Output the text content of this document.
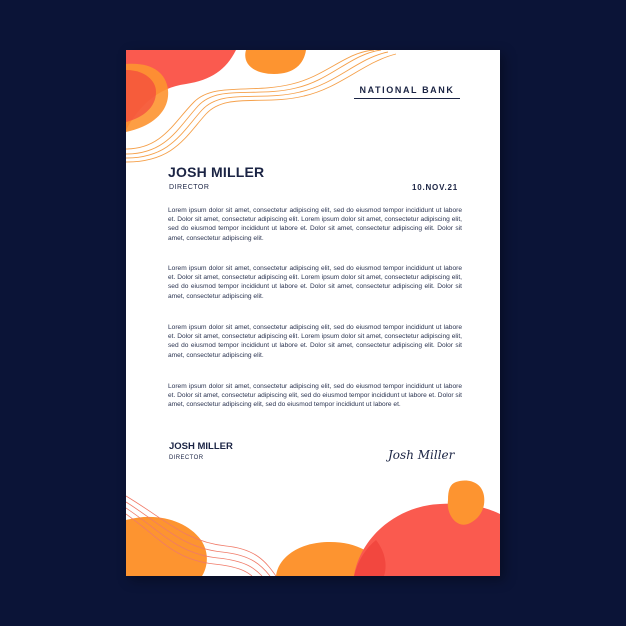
NATIONAL BANK
JOSH MILLER
DIRECTOR	10.NOV.21
Lorem ipsum dolor sit amet, consectetur adipiscing elit, sed do eiusmod tempor incididunt ut labore et. Dolor sit amet, consectetur adipiscing elit. Lorem ipsum dolor sit amet, consectetur adipiscing elit, sed do eiusmod tempor incididunt ut labore et. Dolor sit amet, consectetur adipiscing elit. Dolor sit amet, consectetur adipiscing elit.
Lorem ipsum dolor sit amet, consectetur adipiscing elit, sed do eiusmod tempor incididunt ut labore et. Dolor sit amet, consectetur adipiscing elit. Lorem ipsum dolor sit amet, consectetur adipiscing elit, sed do eiusmod tempor incididunt ut labore et. Dolor sit amet, consectetur adipiscing elit. Dolor sit amet, consectetur adipiscing elit.
Lorem ipsum dolor sit amet, consectetur adipiscing elit, sed do eiusmod tempor incididunt ut labore et. Dolor sit amet, consectetur adipiscing elit. Lorem ipsum dolor sit amet, consectetur adipiscing elit, sed do eiusmod tempor incididunt ut labore et. Dolor sit amet, consectetur adipiscing elit. Dolor sit amet, consectetur adipiscing elit.
Lorem ipsum dolor sit amet, consectetur adipiscing elit, sed do eiusmod tempor incididunt ut labore et. Dolor sit amet, consectetur adipiscing elit, sed do eiusmod tempor incididunt ut labore et. Dolor sit amet, consectetur adipiscing elit, sed do eiusmod tempor incididunt ut labore et.
JOSH MILLER
DIRECTOR	Josh Miller
